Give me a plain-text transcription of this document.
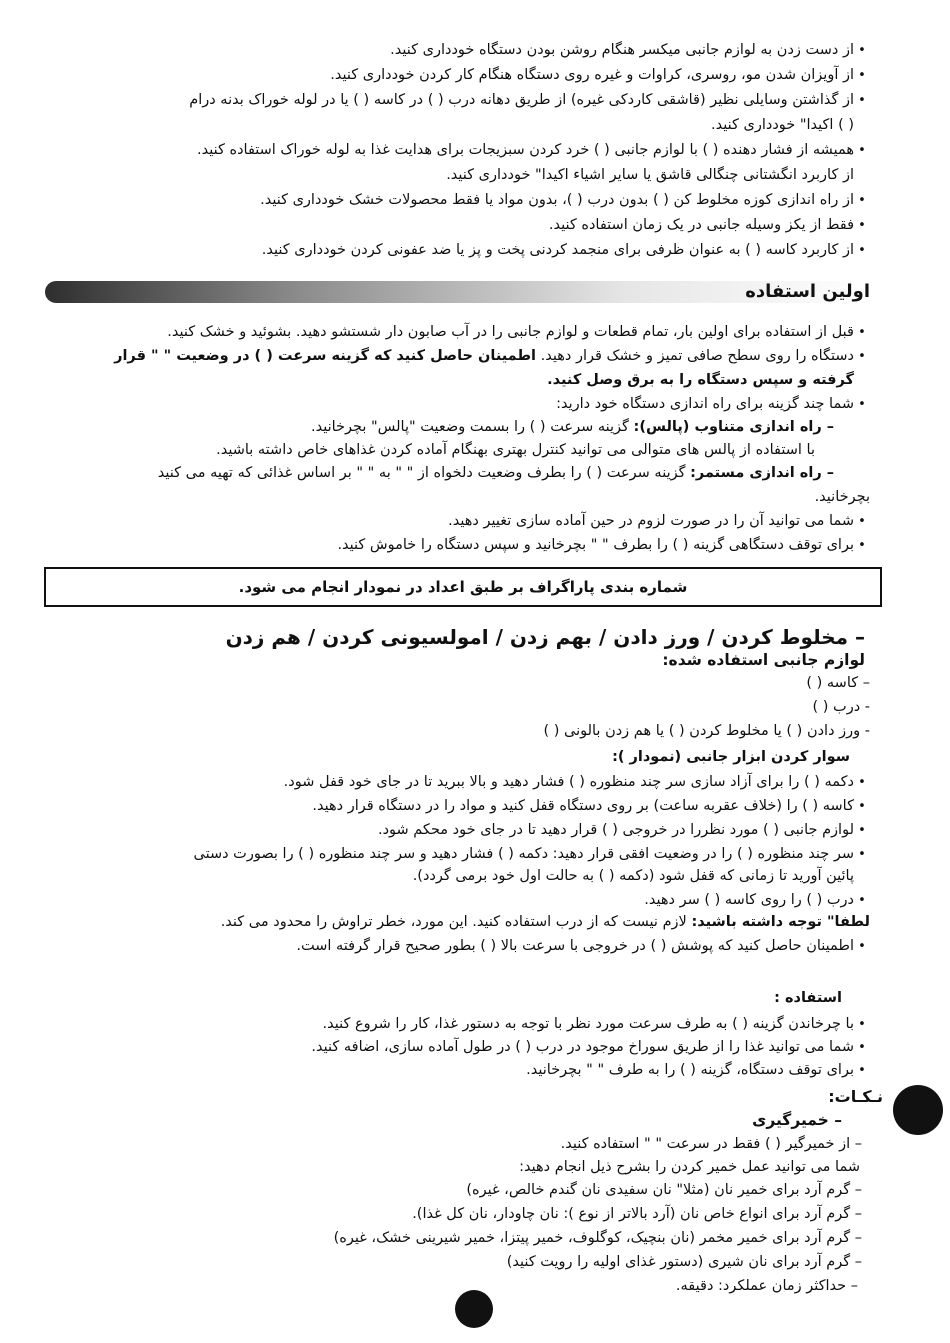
• از دست زدن به لوازم جانبی میکسر هنگام روشن بودن دستگاه خودداری کنید.
• از آویزان شدن مو، روسری، کراوات و غیره روی دستگاه هنگام کار کردن خودداری کنید.
• از گذاشتن وسایلی نظیر (قاشقی کاردکی غیره) از طریق دهانه درب ( ) در کاسه ( ) یا در لوله خوراک بدنه درام
( ) اکیدا" خودداری کنید.
• همیشه از فشار دهنده ( ) با لوازم جانبی ( ) خرد کردن سبزیجات برای هدایت غذا به لوله خوراک استفاده کنید.
از کاربرد انگشتانی چنگالی قاشق یا سایر اشیاء اکیدا" خودداری کنید.
• از راه اندازی کوزه مخلوط کن ( ) بدون درب ( )، بدون مواد یا فقط محصولات خشک خودداری کنید.
• فقط از یکز وسیله جانبی در یک زمان استفاده کنید.
• از کاربرد کاسه ( ) به عنوان ظرفی برای منجمد کردنی پخت و پز یا ضد عفونی کردن خودداری کنید.
اولین استفاده
• قبل از استفاده برای اولین بار، تمام قطعات و لوازم جانبی را در آب صابون دار شستشو دهید. بشوئید و خشک کنید.
• دستگاه را روی سطح صافی تمیز و خشک قرار دهید. اطمینان حاصل کنید که گزینه سرعت ( ) در وضعیت " " قرار
گرفته و سپس دستگاه را به برق وصل کنید.
• شما چند گزینه برای راه اندازی دستگاه خود دارید:
– راه اندازی متناوب (پالس): گزینه سرعت ( ) را بسمت وضعیت "پالس" بچرخانید.
با استفاده از پالس های متوالی می توانید کنترل بهتری بهنگام آماده کردن غذاهای خاص داشته باشید.
– راه اندازی مستمر: گزینه سرعت ( ) را بطرف وضعیت دلخواه از " " به " " بر اساس غذائی که تهیه می کنید
بچرخانید.
• شما می توانید آن را در صورت لزوم در حین آماده سازی تغییر دهید.
• برای توقف دستگاهی گزینه ( ) را بطرف " " بچرخانید و سپس دستگاه را خاموش کنید.
شماره بندی پاراگراف بر طبق اعداد در نمودار انجام می شود.
– مخلوط کردن / ورز دادن / بهم زدن / امولسیونی کردن / هم زدن
لوازم جانبی استفاده شده:
– کاسه ( )
- درب ( )
- ورز دادن ( ) یا مخلوط کردن ( ) یا هم زدن بالونی ( )
سوار کردن ابزار جانبی (نمودار ):
• دکمه ( ) را برای آزاد سازی سر چند منظوره ( ) فشار دهید و بالا ببرید تا در جای خود قفل شود.
• کاسه ( ) را (خلاف عقربه ساعت) بر روی دستگاه قفل کنید و مواد را در دستگاه قرار دهید.
• لوازم جانبی ( ) مورد نظررا در خروجی ( ) قرار دهید تا در جای خود محکم شود.
• سر چند منظوره ( ) را در وضعیت افقی قرار دهید: دکمه ( ) فشار دهید و سر چند منظوره ( ) را بصورت دستی
پائین آورید تا زمانی که قفل شود (دکمه ( ) به حالت اول خود برمی گردد).
• درب ( ) را روی کاسه ( ) سر دهید.
لطفا" توجه داشته باشید: لازم نیست که از درب استفاده کنید. این مورد، خطر تراوش را محدود می کند.
• اطمینان حاصل کنید که پوشش ( ) در خروجی با سرعت بالا ( ) بطور صحیح قرار گرفته است.
استفاده :
• با چرخاندن گزینه ( ) به طرف سرعت مورد نظر با توجه به دستور غذا، کار را شروع کنید.
• شما می توانید غذا را از طریق سوراخ موجود در درب ( ) در طول آماده سازی، اضافه کنید.
• برای توقف دستگاه، گزینه ( ) را به طرف " " بچرخانید.
نـکـات:
– خمیرگیری
– از خمیرگیر ( ) فقط در سرعت " " استفاده کنید.
شما می توانید عمل خمیر کردن را بشرح ذیل انجام دهید:
– گرم آرد برای خمیر نان (مثلا" نان سفیدی نان گندم خالص، غیره)
– گرم آرد برای انواع خاص نان (آرد بالاتر از نوع ): نان چاودار، نان کل غذا).
– گرم آرد برای خمیر مخمر (نان بنچیک، کوگلوف، خمیر پیتزا، خمیر شیرینی خشک، غیره)
– گرم آرد برای نان شیری (دستور غذای اولیه را رویت کنید)
– حداکثر زمان عملکرد: دقیقه.
